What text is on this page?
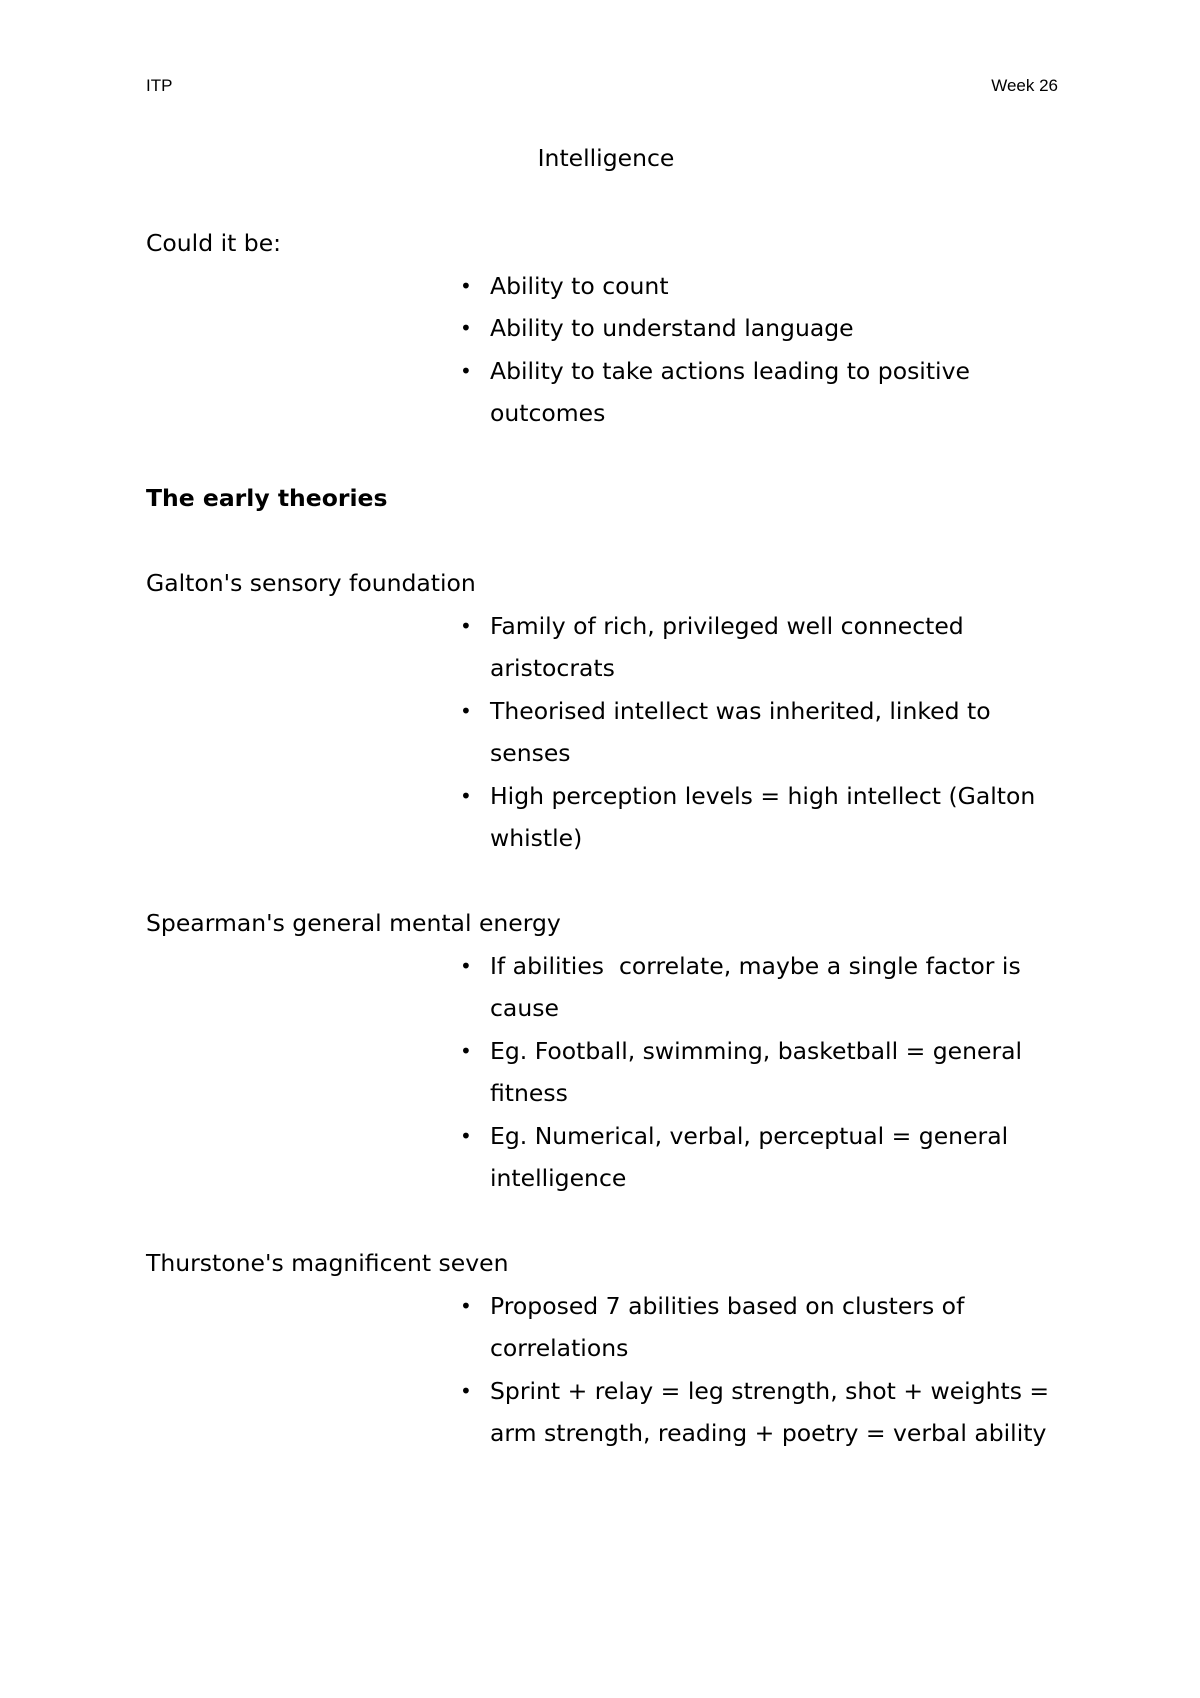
ITP	Week 26
Intelligence
Could it be:
• Ability to count
• Ability to understand language
• Ability to take actions leading to positive outcomes
The early theories
Galton's sensory foundation
• Family of rich, privileged well connected aristocrats
• Theorised intellect was inherited, linked to senses
• High perception levels = high intellect (Galton whistle)
Spearman's general mental energy
• If abilities  correlate, maybe a single factor is cause
• Eg. Football, swimming, basketball = general fitness
• Eg. Numerical, verbal, perceptual = general intelligence
Thurstone's magnificent seven
• Proposed 7 abilities based on clusters of correlations
• Sprint + relay = leg strength, shot + weights = arm strength, reading + poetry = verbal ability
